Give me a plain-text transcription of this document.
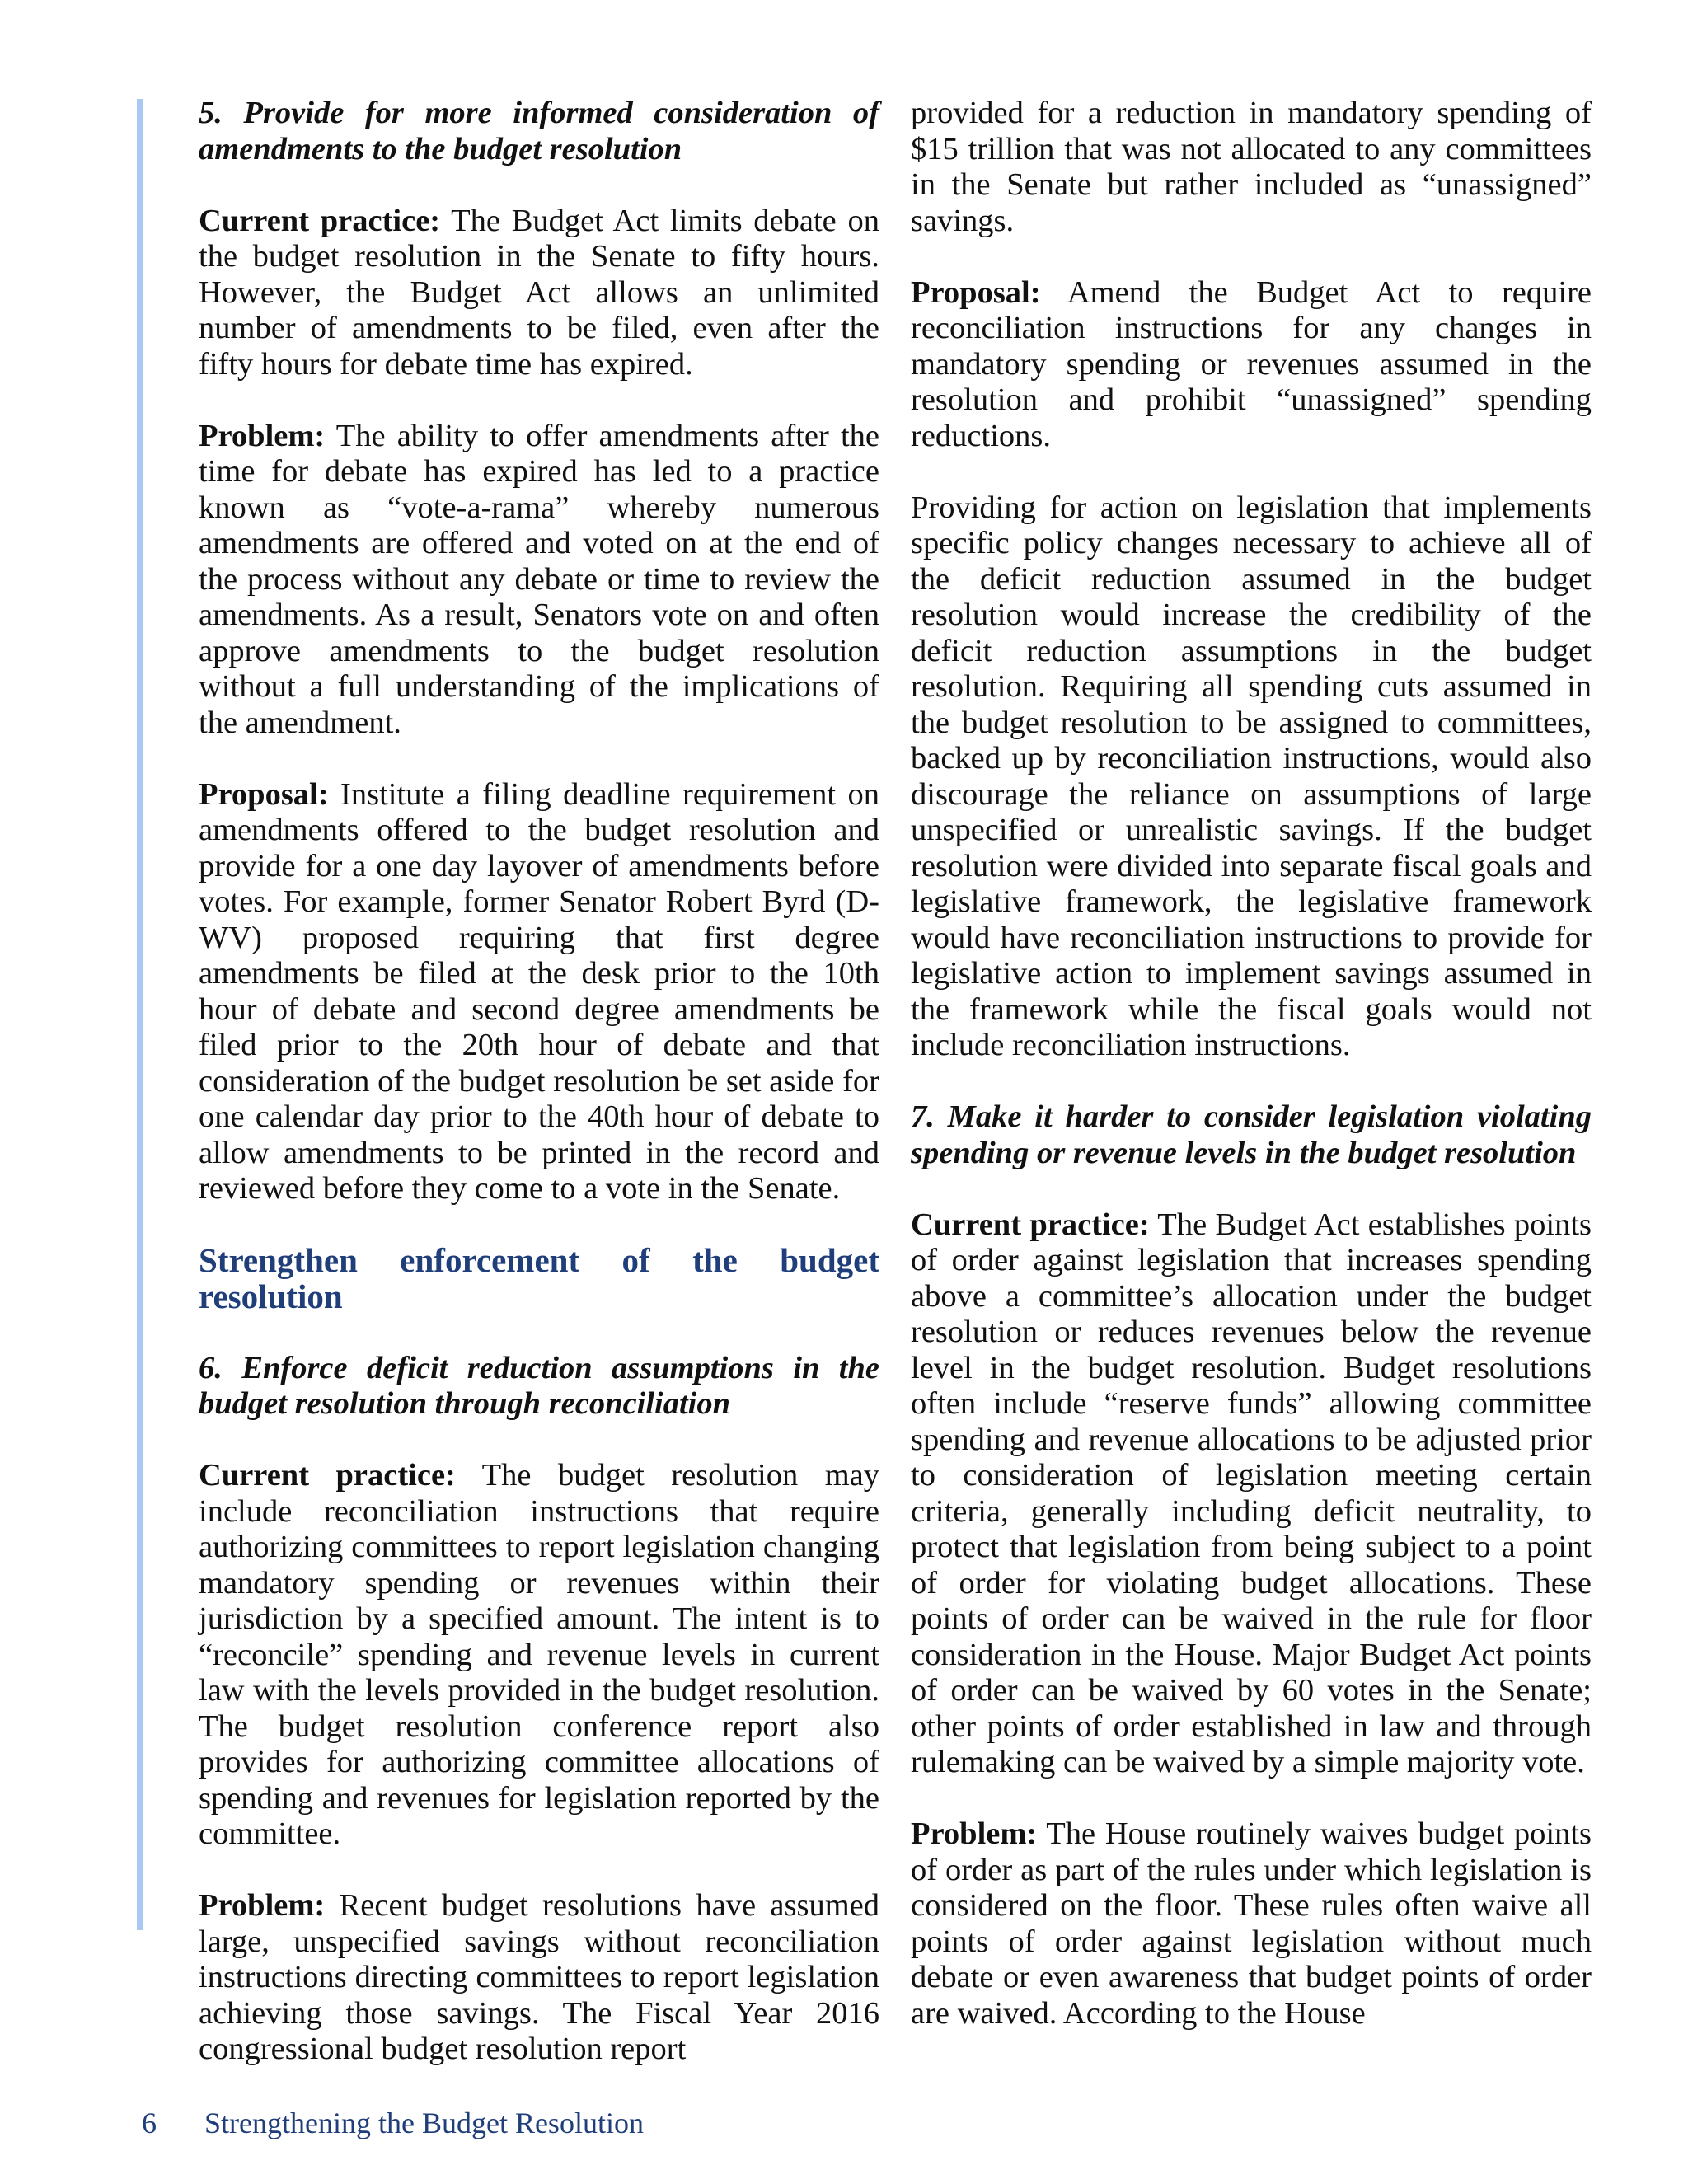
5. Provide for more informed consideration of amendments to the budget resolution

Current practice: The Budget Act limits debate on the budget resolution in the Senate to fifty hours. However, the Budget Act allows an unlimited number of amendments to be filed, even after the fifty hours for debate time has expired.

Problem: The ability to offer amendments after the time for debate has expired has led to a practice known as “vote-a-rama” whereby numerous amendments are offered and voted on at the end of the process without any debate or time to review the amendments. As a result, Senators vote on and often approve amendments to the budget resolution without a full understanding of the implications of the amendment.

Proposal: Institute a filing deadline requirement on amendments offered to the budget resolution and provide for a one day layover of amendments before votes. For example, former Senator Robert Byrd (D-WV) proposed requiring that first degree amendments be filed at the desk prior to the 10th hour of debate and second degree amendments be filed prior to the 20th hour of debate and that consideration of the budget resolution be set aside for one calendar day prior to the 40th hour of debate to allow amendments to be printed in the record and reviewed before they come to a vote in the Senate.

Strengthen enforcement of the budget resolution

6. Enforce deficit reduction assumptions in the budget resolution through reconciliation

Current practice: The budget resolution may include reconciliation instructions that require authorizing committees to report legislation changing mandatory spending or revenues within their jurisdiction by a specified amount. The intent is to “reconcile” spending and revenue levels in current law with the levels provided in the budget resolution. The budget resolution conference report also provides for authorizing committee allocations of spending and revenues for legislation reported by the committee.

Problem: Recent budget resolutions have assumed large, unspecified savings without reconciliation instructions directing committees to report legislation achieving those savings. The Fiscal Year 2016 congressional budget resolution report

provided for a reduction in mandatory spending of $15 trillion that was not allocated to any committees in the Senate but rather included as “unassigned” savings.

Proposal: Amend the Budget Act to require reconciliation instructions for any changes in mandatory spending or revenues assumed in the resolution and prohibit “unassigned” spending reductions.

Providing for action on legislation that implements specific policy changes necessary to achieve all of the deficit reduction assumed in the budget resolution would increase the credibility of the deficit reduction assumptions in the budget resolution. Requiring all spending cuts assumed in the budget resolution to be assigned to committees, backed up by reconciliation instructions, would also discourage the reliance on assumptions of large unspecified or unrealistic savings. If the budget resolution were divided into separate fiscal goals and legislative framework, the legislative framework would have reconciliation instructions to provide for legislative action to implement savings assumed in the framework while the fiscal goals would not include reconciliation instructions.

7. Make it harder to consider legislation violating spending or revenue levels in the budget resolution

Current practice: The Budget Act establishes points of order against legislation that increases spending above a committee’s allocation under the budget resolution or reduces revenues below the revenue level in the budget resolution. Budget resolutions often include “reserve funds” allowing committee spending and revenue allocations to be adjusted prior to consideration of legislation meeting certain criteria, generally including deficit neutrality, to protect that legislation from being subject to a point of order for violating budget allocations. These points of order can be waived in the rule for floor consideration in the House. Major Budget Act points of order can be waived by 60 votes in the Senate; other points of order established in law and through rulemaking can be waived by a simple majority vote.

Problem: The House routinely waives budget points of order as part of the rules under which legislation is considered on the floor. These rules often waive all points of order against legislation without much debate or even awareness that budget points of order are waived. According to the House

6 Strengthening the Budget Resolution
